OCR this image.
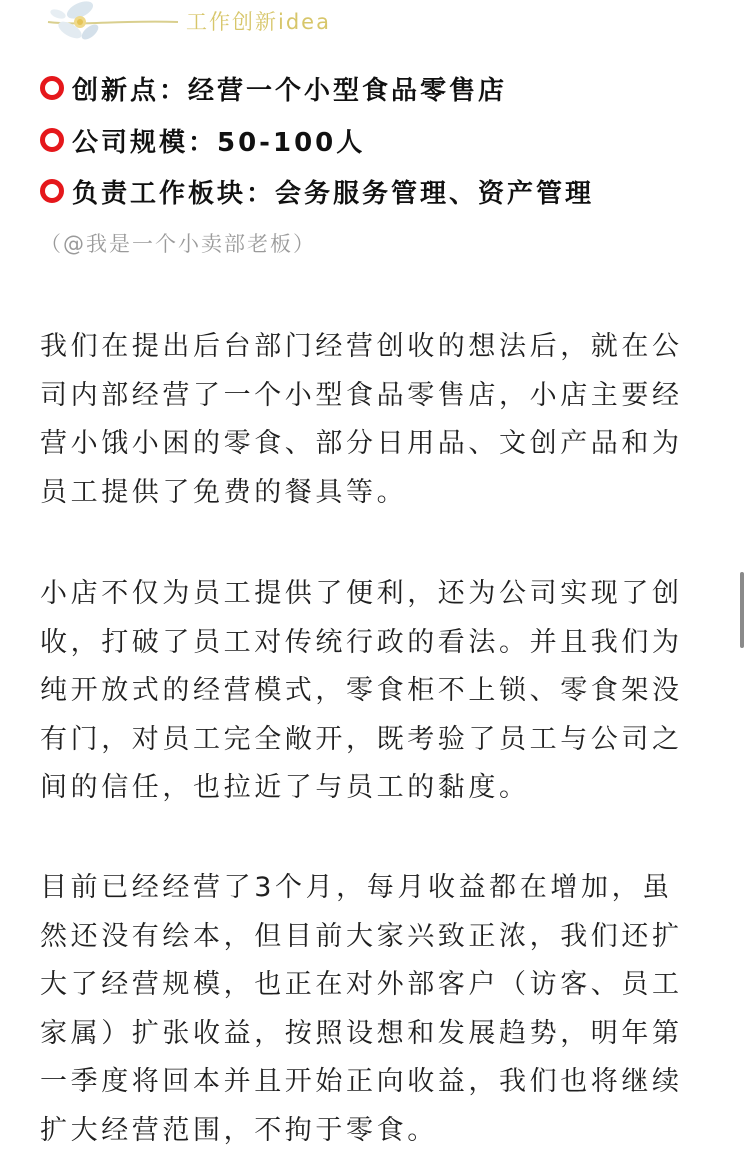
工作创新idea
创新点：经营一个小型食品零售店
公司规模：50-100人
负责工作板块：会务服务管理、资产管理
（@我是一个小卖部老板）
我们在提出后台部门经营创收的想法后，就在公
司内部经营了一个小型食品零售店，小店主要经
营小饿小困的零食、部分日用品、文创产品和为
员工提供了免费的餐具等。
小店不仅为员工提供了便利，还为公司实现了创
收，打破了员工对传统行政的看法。并且我们为
纯开放式的经营模式，零食柜不上锁、零食架没
有门，对员工完全敞开，既考验了员工与公司之
间的信任，也拉近了与员工的黏度。
目前已经经营了3个月，每月收益都在增加，虽
然还没有绘本，但目前大家兴致正浓，我们还扩
大了经营规模，也正在对外部客户（访客、员工
家属）扩张收益，按照设想和发展趋势，明年第
一季度将回本并且开始正向收益，我们也将继续
扩大经营范围，不拘于零食。
